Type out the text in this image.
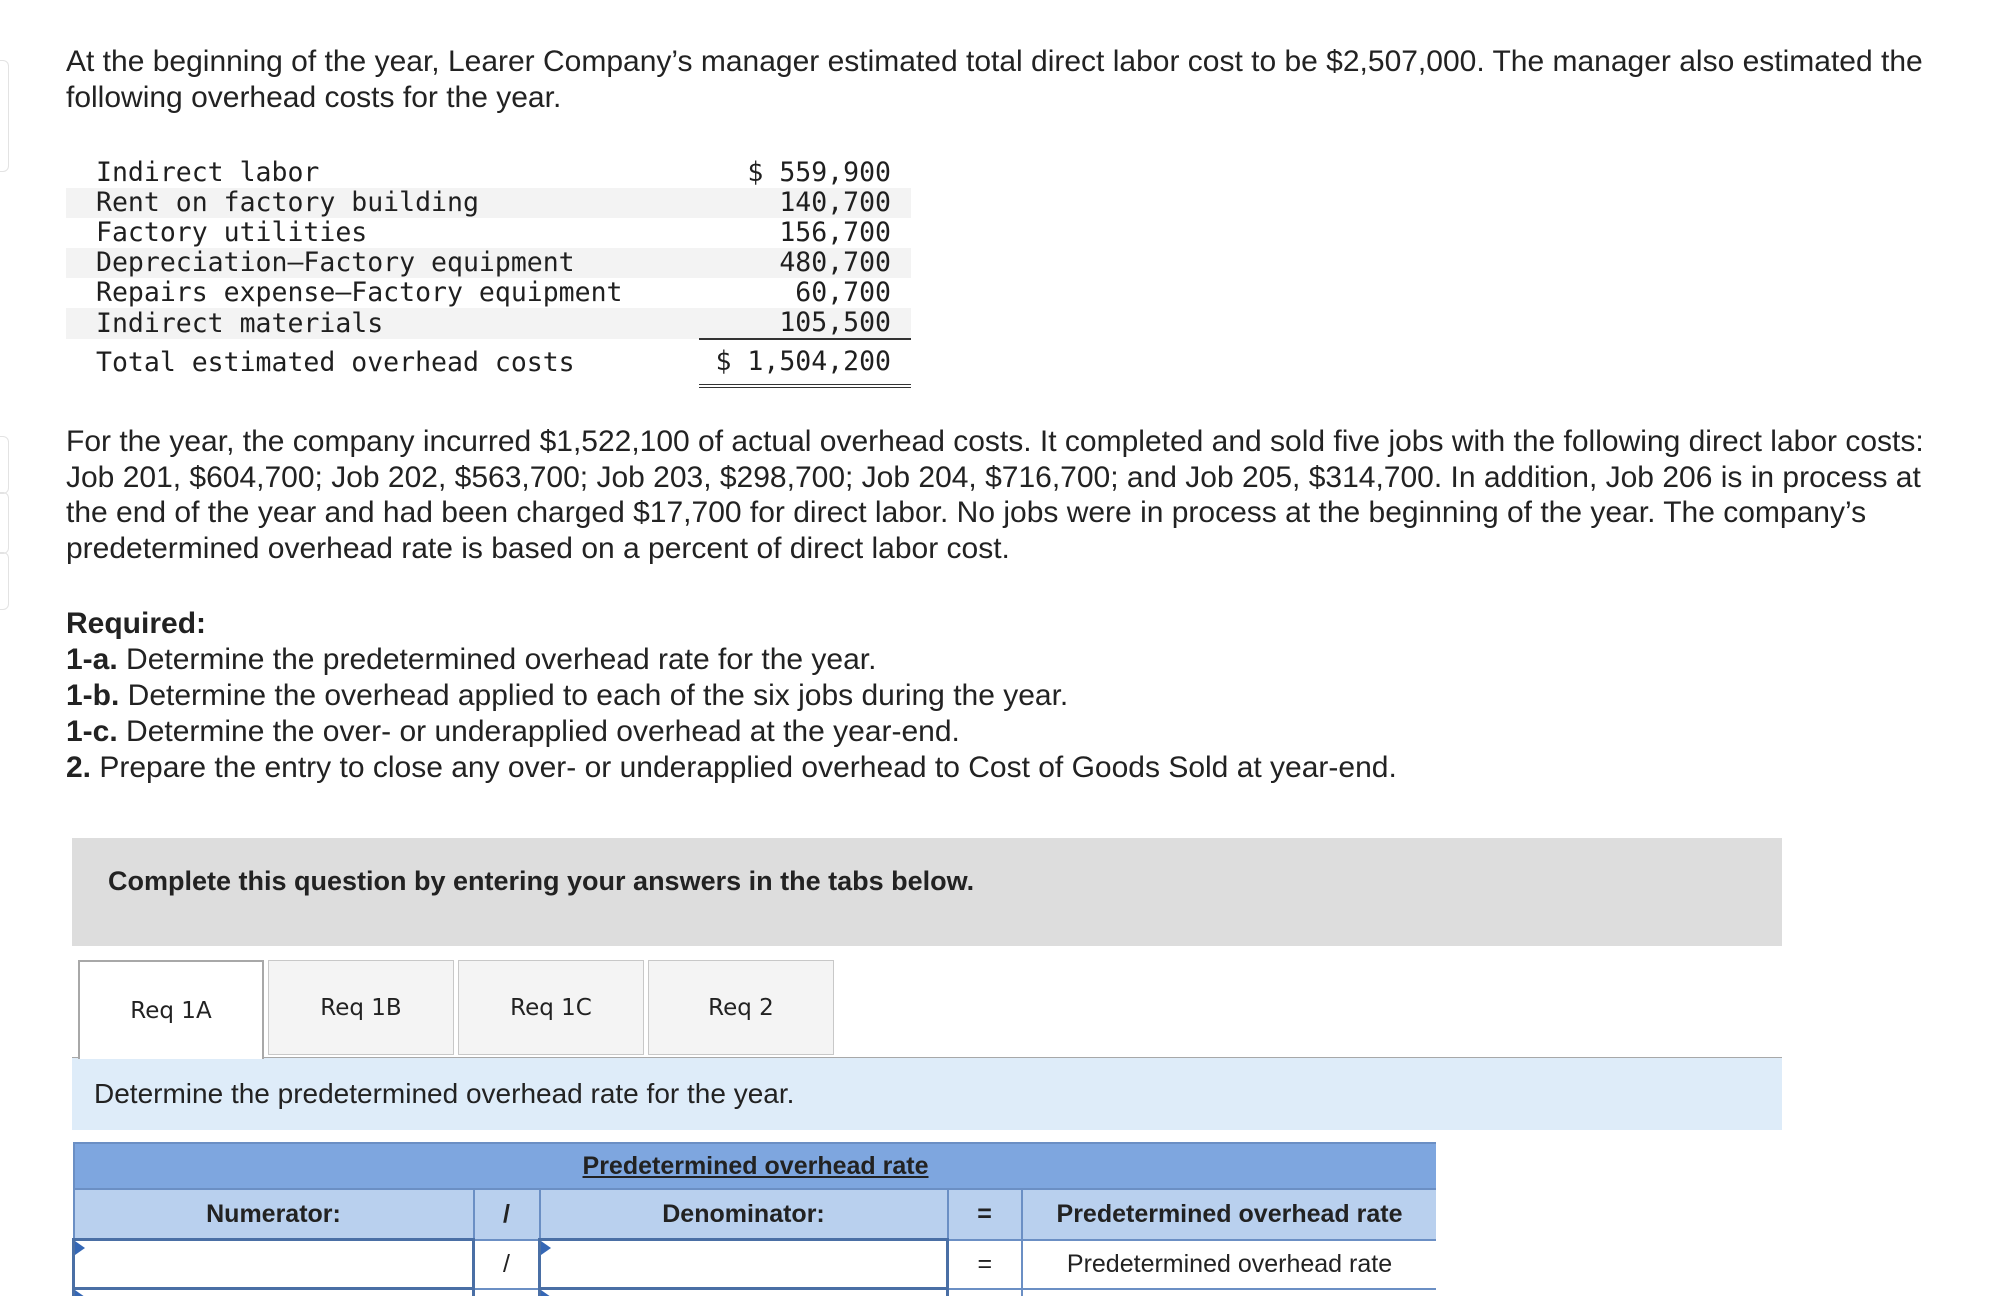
At the beginning of the year, Learer Company’s manager estimated total direct labor cost to be $2,507,000. The manager also estimated the following overhead costs for the year.

Indirect labor	$ 559,900
Rent on factory building	140,700
Factory utilities	156,700
Depreciation—Factory equipment	480,700
Repairs expense—Factory equipment	60,700
Indirect materials	105,500
Total estimated overhead costs	$ 1,504,200

For the year, the company incurred $1,522,100 of actual overhead costs. It completed and sold five jobs with the following direct labor costs: Job 201, $604,700; Job 202, $563,700; Job 203, $298,700; Job 204, $716,700; and Job 205, $314,700. In addition, Job 206 is in process at the end of the year and had been charged $17,700 for direct labor. No jobs were in process at the beginning of the year. The company’s predetermined overhead rate is based on a percent of direct labor cost.

Required:
1-a. Determine the predetermined overhead rate for the year.
1-b. Determine the overhead applied to each of the six jobs during the year.
1-c. Determine the over- or underapplied overhead at the year-end.
2. Prepare the entry to close any over- or underapplied overhead to Cost of Goods Sold at year-end.
Complete this question by entering your answers in the tabs below.
Req 1A	Req 1B	Req 1C	Req 2
Determine the predetermined overhead rate for the year.
Predetermined overhead rate				
Numerator:	/	Denominator:	=	Predetermined overhead rate

	/		=	Predetermined overhead rate
